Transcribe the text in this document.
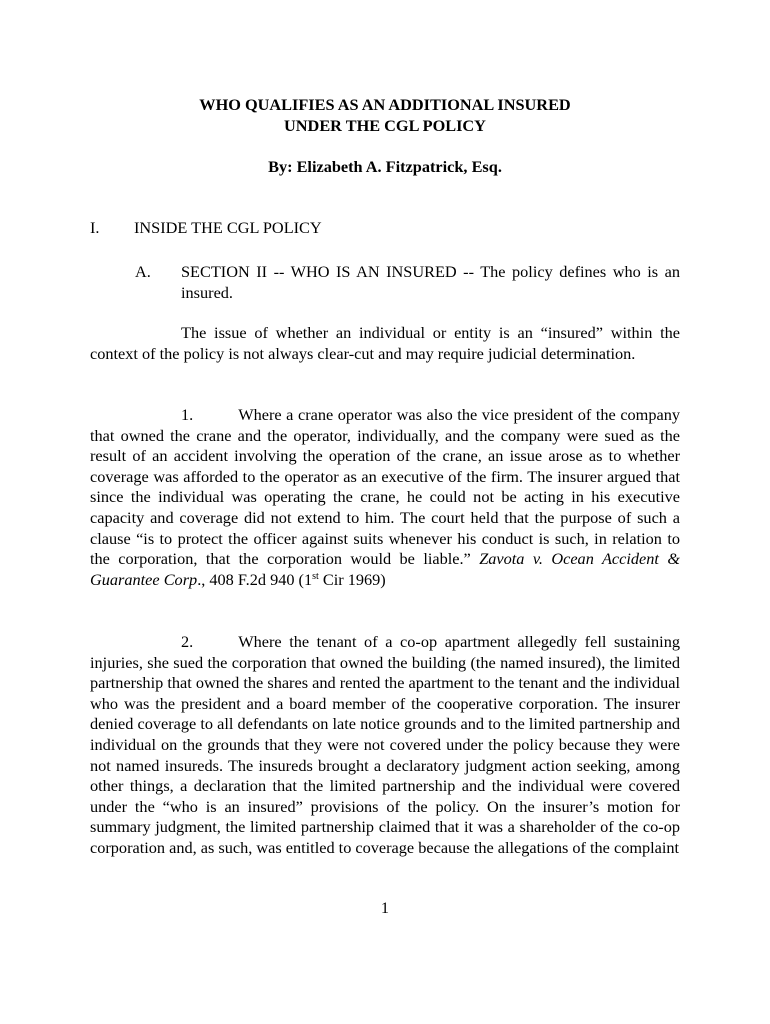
WHO QUALIFIES AS AN ADDITIONAL INSURED
UNDER THE CGL POLICY
By: Elizabeth A. Fitzpatrick, Esq.
I. INSIDE THE CGL POLICY
A. SECTION II -- WHO IS AN INSURED -- The policy defines who is an insured.

The issue of whether an individual or entity is an “insured” within the context of the policy is not always clear-cut and may require judicial determination.

1.	Where a crane operator was also the vice president of the company that owned the crane and the operator, individually, and the company were sued as the result of an accident involving the operation of the crane, an issue arose as to whether coverage was afforded to the operator as an executive of the firm. The insurer argued that since the individual was operating the crane, he could not be acting in his executive capacity and coverage did not extend to him. The court held that the purpose of such a clause “is to protect the officer against suits whenever his conduct is such, in relation to the corporation, that the corporation would be liable.” Zavota v. Ocean Accident & Guarantee Corp., 408 F.2d 940 (1st Cir 1969)

2.	Where the tenant of a co-op apartment allegedly fell sustaining injuries, she sued the corporation that owned the building (the named insured), the limited partnership that owned the shares and rented the apartment to the tenant and the individual who was the president and a board member of the cooperative corporation. The insurer denied coverage to all defendants on late notice grounds and to the limited partnership and individual on the grounds that they were not covered under the policy because they were not named insureds. The insureds brought a declaratory judgment action seeking, among other things, a declaration that the limited partnership and the individual were covered under the “who is an insured” provisions of the policy. On the insurer’s motion for summary judgment, the limited partnership claimed that it was a shareholder of the co-op corporation and, as such, was entitled to coverage because the allegations of the complaint

1
